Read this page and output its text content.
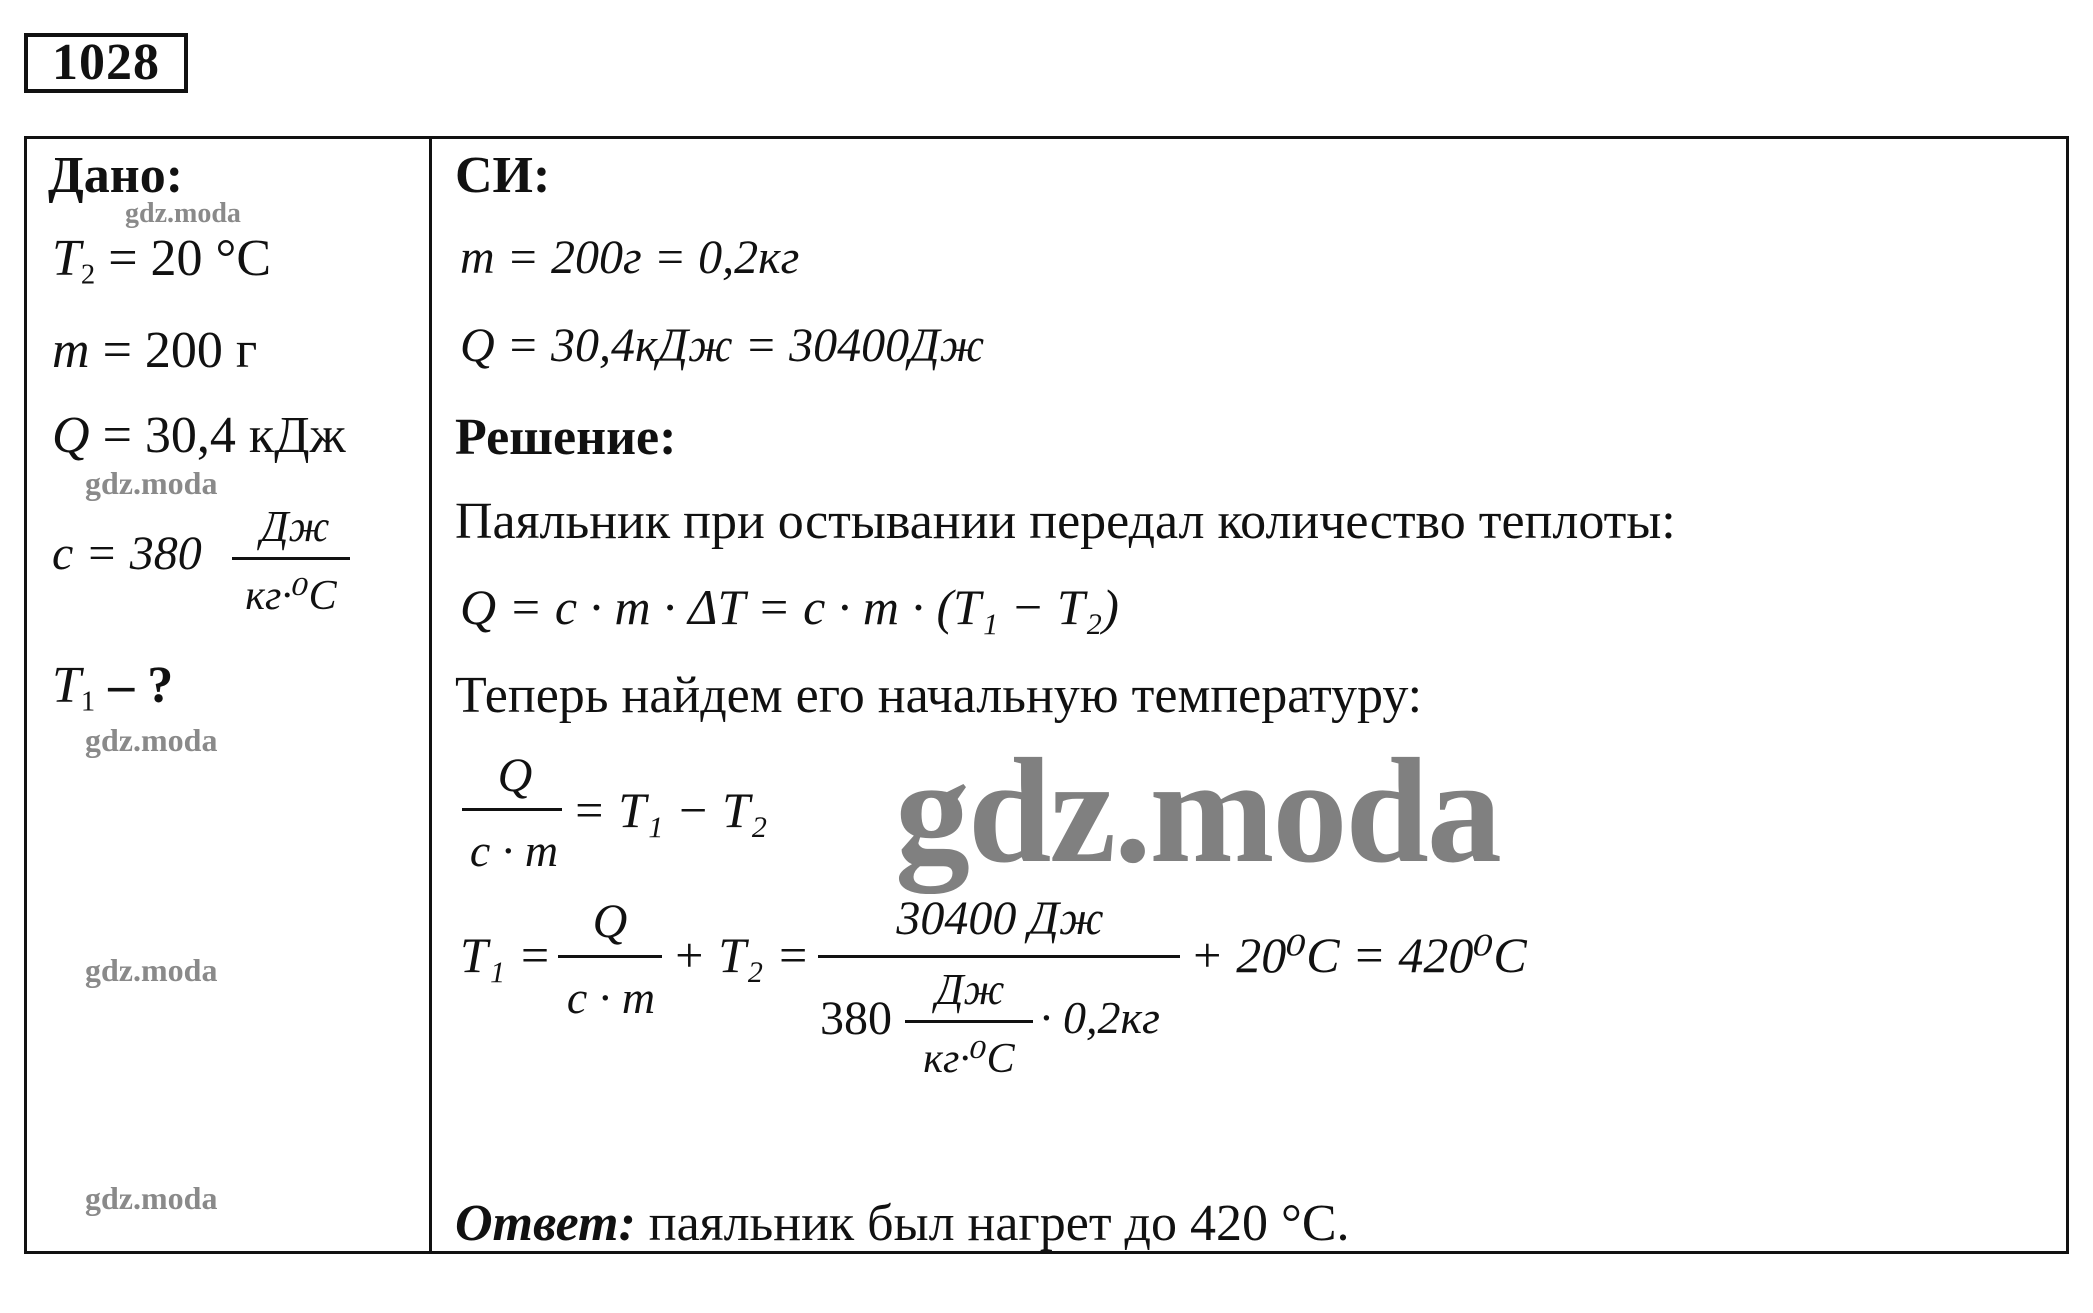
1028
Дано:
$T_2 = 20$ °C
m = 200 г
Q = 30,4 кДж
c = 380
Дж
кг·⁰C
$T_1$ – ?
СИ:
m = 200г = 0,2кг
Q = 30,4кДж = 30400Дж
Решение:
Паяльник при остывании передал количество теплоты:
Q = c · m · ΔT = c · m · (T₁ − T₂)
Теперь найдем его начальную температуру:
Q
c · m
= T₁ − T₂
T₁ =
Q
c · m
+ T₂ =
30400 Дж
380
Дж
кг·⁰C
· 0,2кг
+ 20⁰C = 420⁰C
Ответ: паяльник был нагрет до 420 °C.
gdz.moda
gdz.moda
gdz.moda
gdz.moda
gdz.moda
gdz.moda
